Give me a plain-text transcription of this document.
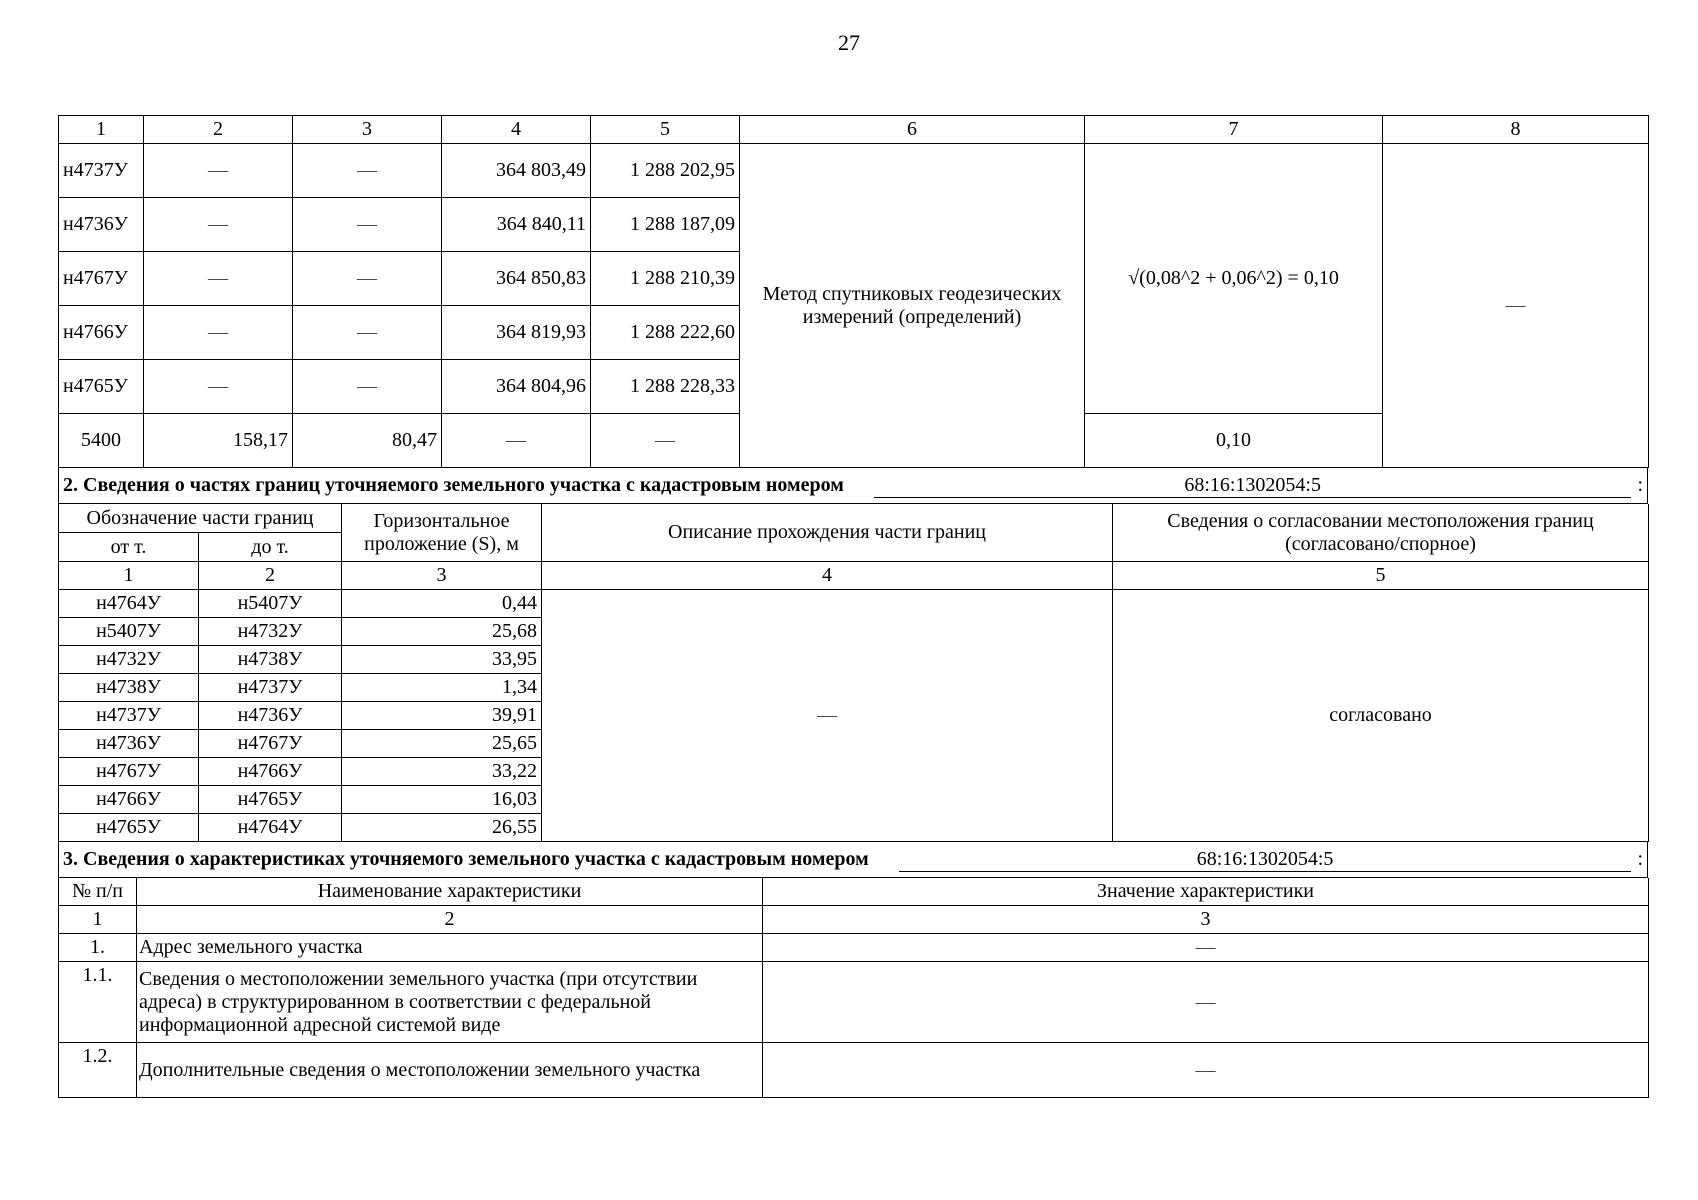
27
1	2	3	4	5	6	7	8
н4737У	—	—	364 803,49	1 288 202,95	Метод спутниковых геодезических измерений (определений)	√(0,08^2 + 0,06^2) = 0,10	—
н4736У	—	—	364 840,11	1 288 187,09			
н4767У	—	—	364 850,83	1 288 210,39			
н4766У	—	—	364 819,93	1 288 222,60			
н4765У	—	—	364 804,96	1 288 228,33			
5400	158,17	80,47	—	—		0,10	
2. Сведения о частях границ уточняемого земельного участка с кадастровым номером	68:16:1302054:5	:
Обозначение части границ		Горизонтальное проложение (S), м	Описание прохождения части границ	Сведения о согласовании местоположения границ (согласовано/спорное)
от т.	до т.			
1	2	3	4	5
н4764У	н5407У	0,44	—	согласовано
н5407У	н4732У	25,68		
н4732У	н4738У	33,95		
н4738У	н4737У	1,34		
н4737У	н4736У	39,91		
н4736У	н4767У	25,65		
н4767У	н4766У	33,22		
н4766У	н4765У	16,03		
н4765У	н4764У	26,55		
3. Сведения о характеристиках уточняемого земельного участка с кадастровым номером	68:16:1302054:5	:
№ п/п	Наименование характеристики	Значение характеристики
1	2	3
1.	Адрес земельного участка	—
1.1.	Сведения о местоположении земельного участка (при отсутствии адреса) в структурированном в соответствии с федеральной информационной адресной системой виде	—
1.2.	Дополнительные сведения о местоположении земельного участка	—
